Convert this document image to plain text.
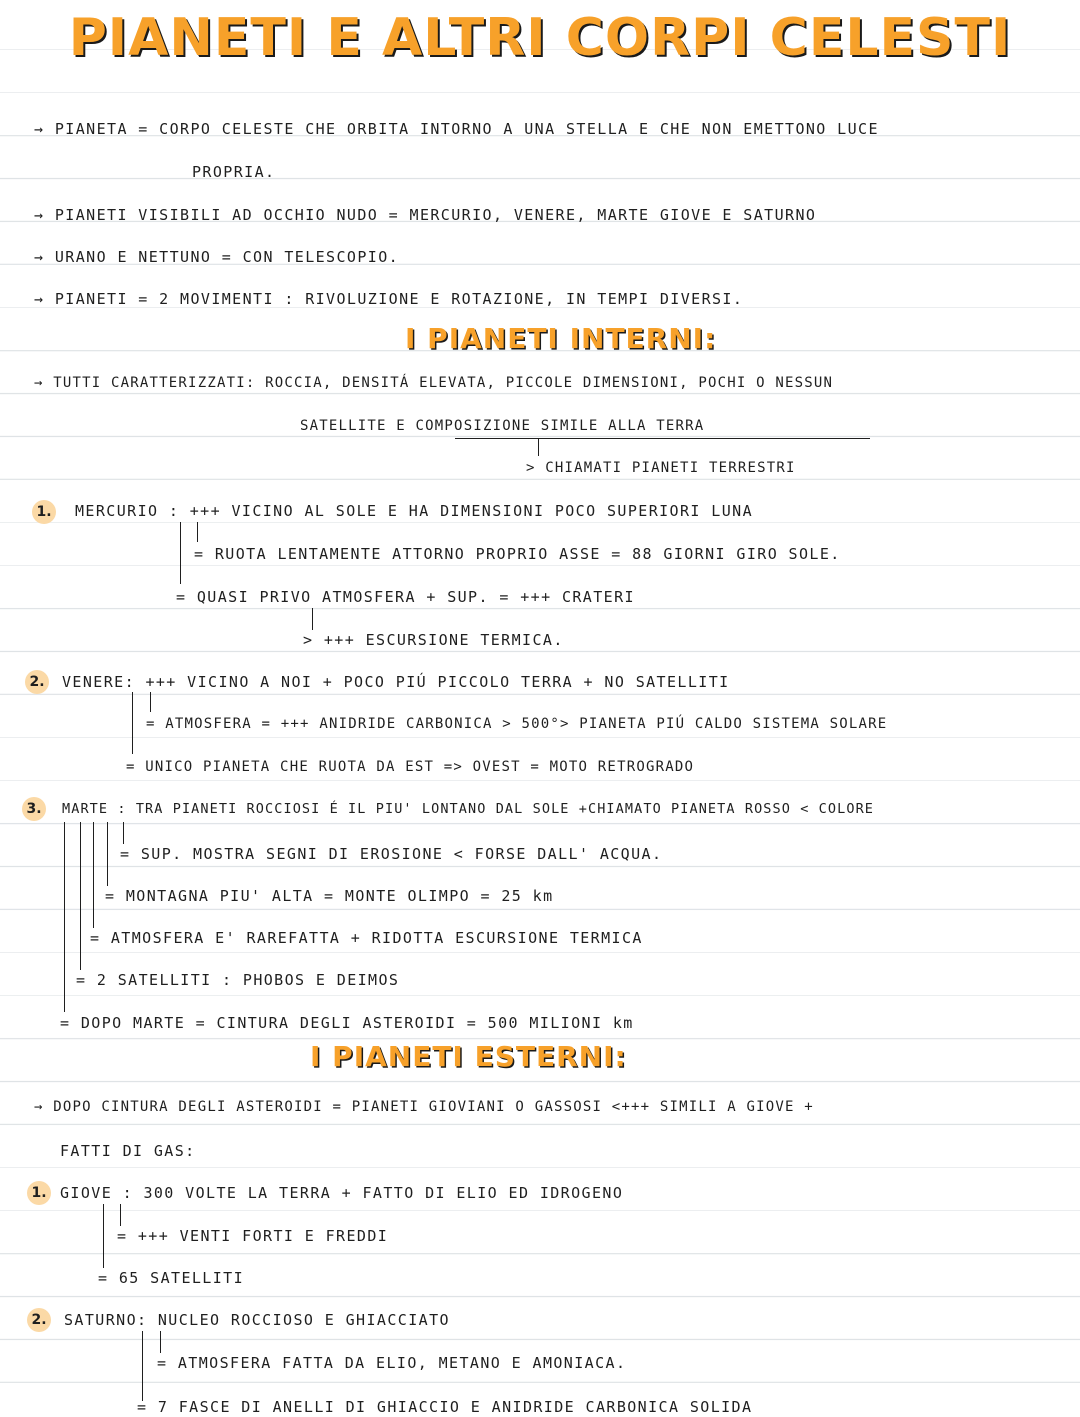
PIANETI E ALTRI CORPI CELESTI
→ PIANETA = CORPO CELESTE CHE ORBITA INTORNO A UNA STELLA E CHE NON EMETTONO LUCE
PROPRIA.
→ PIANETI VISIBILI AD OCCHIO NUDO = MERCURIO, VENERE, MARTE GIOVE E SATURNO
→ URANO E NETTUNO = CON TELESCOPIO.
→ PIANETI = 2 MOVIMENTI : RIVOLUZIONE E ROTAZIONE, IN TEMPI DIVERSI.
I PIANETI INTERNI:
→ TUTTI CARATTERIZZATI: ROCCIA, DENSITÁ ELEVATA, PICCOLE DIMENSIONI, POCHI O NESSUN
SATELLITE E COMPOSIZIONE SIMILE ALLA TERRA
> CHIAMATI PIANETI TERRESTRI
1. MERCURIO : +++ VICINO AL SOLE E HA DIMENSIONI POCO SUPERIORI LUNA
= RUOTA LENTAMENTE ATTORNO PROPRIO ASSE = 88 GIORNI GIRO SOLE.
= QUASI PRIVO ATMOSFERA + SUP. = +++ CRATERI
> +++ ESCURSIONE TERMICA.
2. VENERE: +++ VICINO A NOI + POCO PIÚ PICCOLO TERRA + NO SATELLITI
= ATMOSFERA = +++ ANIDRIDE CARBONICA > 500°> PIANETA PIÚ CALDO SISTEMA SOLARE
= UNICO PIANETA CHE RUOTA DA EST => OVEST = MOTO RETROGRADO
3.	MARTE : TRA PIANETI ROCCIOSI É IL PIU' LONTANO DAL SOLE +CHIAMATO PIANETA ROSSO < COLORE
= SUP. MOSTRA SEGNI DI EROSIONE < FORSE DALL' ACQUA.
= MONTAGNA PIU' ALTA = MONTE OLIMPO = 25 km
= ATMOSFERA E' RAREFATTA + RIDOTTA ESCURSIONE TERMICA
= 2 SATELLITI : PHOBOS E DEIMOS
= DOPO MARTE = CINTURA DEGLI ASTEROIDI = 500 MILIONI km
I PIANETI ESTERNI:
→ DOPO CINTURA DEGLI ASTEROIDI = PIANETI GIOVIANI O GASSOSI <+++ SIMILI A GIOVE +
FATTI DI GAS:
1. GIOVE : 300 VOLTE LA TERRA + FATTO DI ELIO ED IDROGENO
= +++ VENTI FORTI E FREDDI
= 65 SATELLITI
2. SATURNO: NUCLEO ROCCIOSO E GHIACCIATO
= ATMOSFERA FATTA DA ELIO, METANO E AMONIACA.
= 7 FASCE DI ANELLI DI GHIACCIO E ANIDRIDE CARBONICA SOLIDA
